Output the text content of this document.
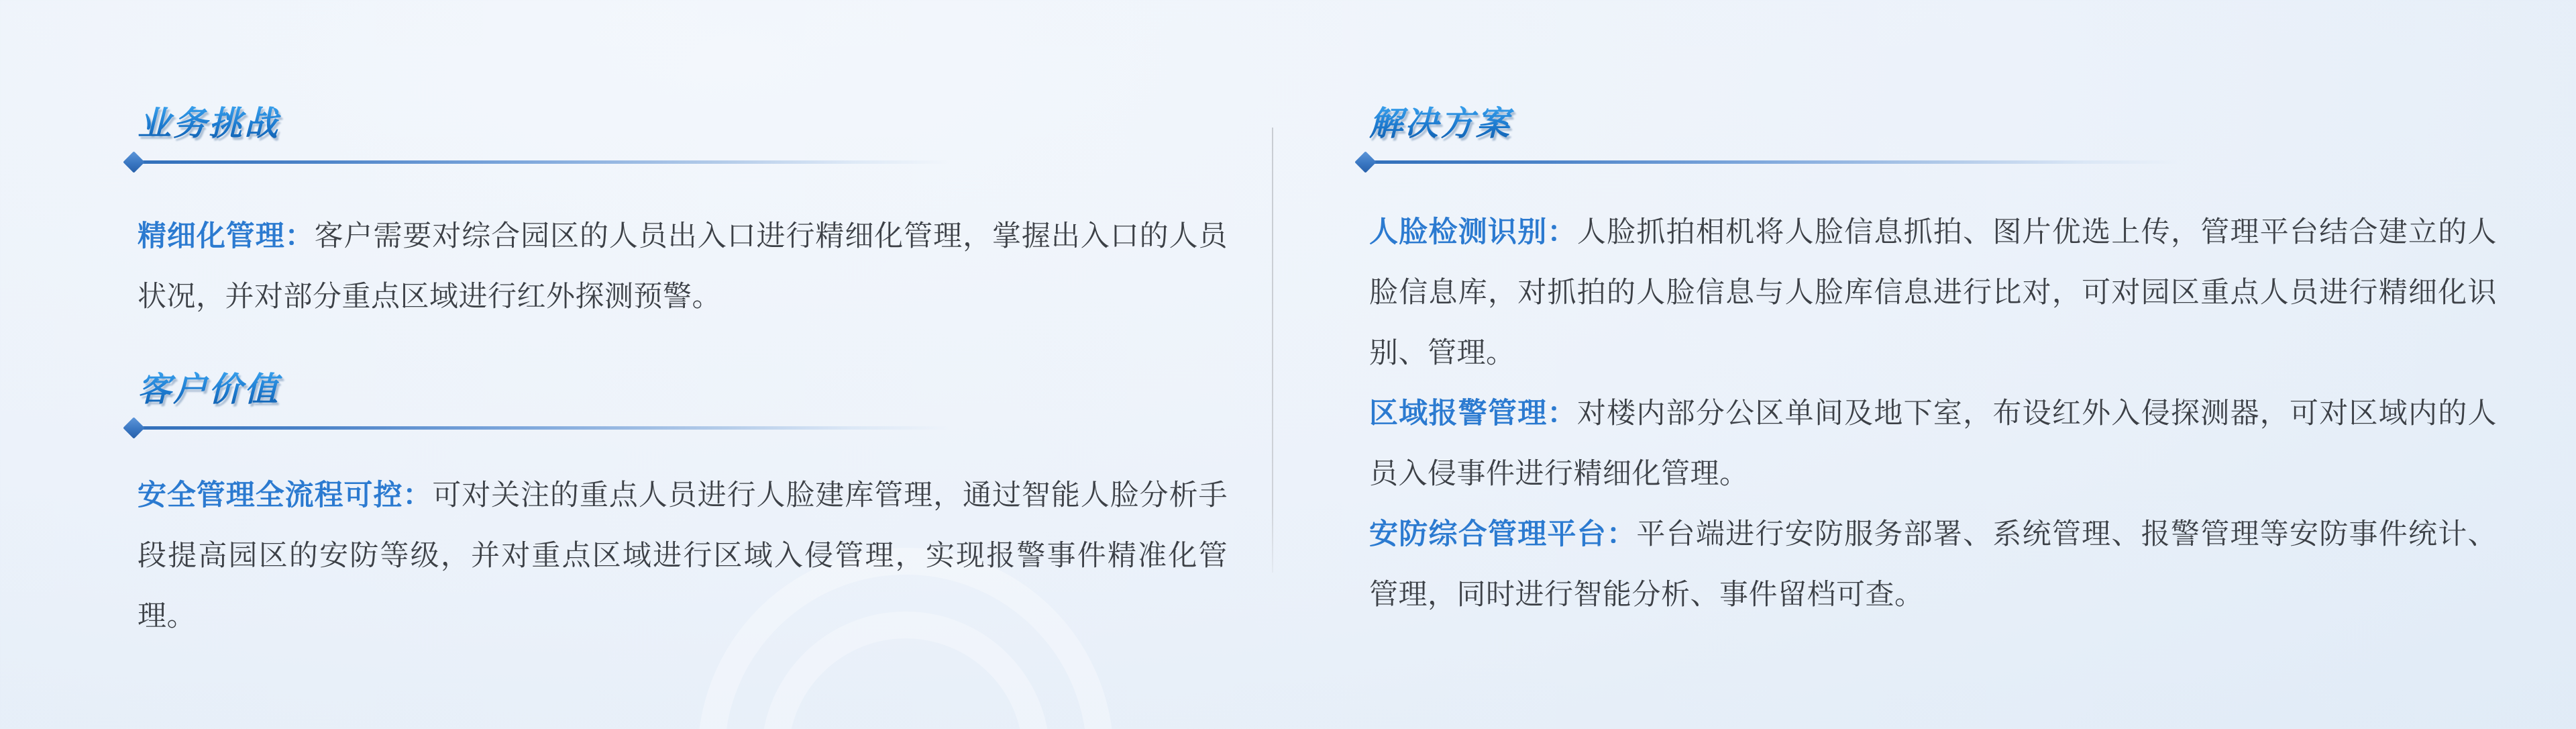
业务挑战

精细化管理：客户需要对综合园区的人员出入口进行精细化管理，掌握出入口的人员状况，并对部分重点区域进行红外探测预警。

客户价值

安全管理全流程可控：可对关注的重点人员进行人脸建库管理，通过智能人脸分析手段提高园区的安防等级，并对重点区域进行区域入侵管理，实现报警事件精准化管理。

解决方案

人脸检测识别：人脸抓拍相机将人脸信息抓拍、图片优选上传，管理平台结合建立的人脸信息库，对抓拍的人脸信息与人脸库信息进行比对，可对园区重点人员进行精细化识别、管理。

区域报警管理：对楼内部分公区单间及地下室，布设红外入侵探测器，可对区域内的人员入侵事件进行精细化管理。

安防综合管理平台：平台端进行安防服务部署、系统管理、报警管理等安防事件统计、管理，同时进行智能分析、事件留档可查。
